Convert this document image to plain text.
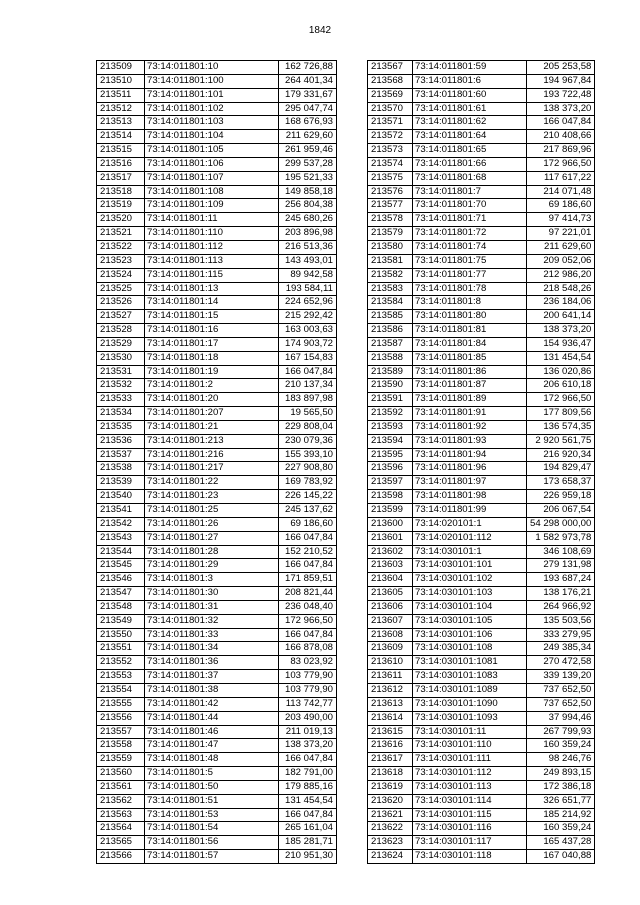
1842
213509	73:14:011801:10	162 726,88
213510	73:14:011801:100	264 401,34
213511	73:14:011801:101	179 331,67
213512	73:14:011801:102	295 047,74
213513	73:14:011801:103	168 676,93
213514	73:14:011801:104	211 629,60
213515	73:14:011801:105	261 959,46
213516	73:14:011801:106	299 537,28
213517	73:14:011801:107	195 521,33
213518	73:14:011801:108	149 858,18
213519	73:14:011801:109	256 804,38
213520	73:14:011801:11	245 680,26
213521	73:14:011801:110	203 896,98
213522	73:14:011801:112	216 513,36
213523	73:14:011801:113	143 493,01
213524	73:14:011801:115	89 942,58
213525	73:14:011801:13	193 584,11
213526	73:14:011801:14	224 652,96
213527	73:14:011801:15	215 292,42
213528	73:14:011801:16	163 003,63
213529	73:14:011801:17	174 903,72
213530	73:14:011801:18	167 154,83
213531	73:14:011801:19	166 047,84
213532	73:14:011801:2	210 137,34
213533	73:14:011801:20	183 897,98
213534	73:14:011801:207	19 565,50
213535	73:14:011801:21	229 808,04
213536	73:14:011801:213	230 079,36
213537	73:14:011801:216	155 393,10
213538	73:14:011801:217	227 908,80
213539	73:14:011801:22	169 783,92
213540	73:14:011801:23	226 145,22
213541	73:14:011801:25	245 137,62
213542	73:14:011801:26	69 186,60
213543	73:14:011801:27	166 047,84
213544	73:14:011801:28	152 210,52
213545	73:14:011801:29	166 047,84
213546	73:14:011801:3	171 859,51
213547	73:14:011801:30	208 821,44
213548	73:14:011801:31	236 048,40
213549	73:14:011801:32	172 966,50
213550	73:14:011801:33	166 047,84
213551	73:14:011801:34	166 878,08
213552	73:14:011801:36	83 023,92
213553	73:14:011801:37	103 779,90
213554	73:14:011801:38	103 779,90
213555	73:14:011801:42	113 742,77
213556	73:14:011801:44	203 490,00
213557	73:14:011801:46	211 019,13
213558	73:14:011801:47	138 373,20
213559	73:14:011801:48	166 047,84
213560	73:14:011801:5	182 791,00
213561	73:14:011801:50	179 885,16
213562	73:14:011801:51	131 454,54
213563	73:14:011801:53	166 047,84
213564	73:14:011801:54	265 161,04
213565	73:14:011801:56	185 281,71
213566	73:14:011801:57	210 951,30
213567	73:14:011801:59	205 253,58
213568	73:14:011801:6	194 967,84
213569	73:14:011801:60	193 722,48
213570	73:14:011801:61	138 373,20
213571	73:14:011801:62	166 047,84
213572	73:14:011801:64	210 408,66
213573	73:14:011801:65	217 869,96
213574	73:14:011801:66	172 966,50
213575	73:14:011801:68	117 617,22
213576	73:14:011801:7	214 071,48
213577	73:14:011801:70	69 186,60
213578	73:14:011801:71	97 414,73
213579	73:14:011801:72	97 221,01
213580	73:14:011801:74	211 629,60
213581	73:14:011801:75	209 052,06
213582	73:14:011801:77	212 986,20
213583	73:14:011801:78	218 548,26
213584	73:14:011801:8	236 184,06
213585	73:14:011801:80	200 641,14
213586	73:14:011801:81	138 373,20
213587	73:14:011801:84	154 936,47
213588	73:14:011801:85	131 454,54
213589	73:14:011801:86	136 020,86
213590	73:14:011801:87	206 610,18
213591	73:14:011801:89	172 966,50
213592	73:14:011801:91	177 809,56
213593	73:14:011801:92	136 574,35
213594	73:14:011801:93	2 920 561,75
213595	73:14:011801:94	216 920,34
213596	73:14:011801:96	194 829,47
213597	73:14:011801:97	173 658,37
213598	73:14:011801:98	226 959,18
213599	73:14:011801:99	206 067,54
213600	73:14:020101:1	54 298 000,00
213601	73:14:020101:112	1 582 973,78
213602	73:14:030101:1	346 108,69
213603	73:14:030101:101	279 131,98
213604	73:14:030101:102	193 687,24
213605	73:14:030101:103	138 176,21
213606	73:14:030101:104	264 966,92
213607	73:14:030101:105	135 503,56
213608	73:14:030101:106	333 279,95
213609	73:14:030101:108	249 385,34
213610	73:14:030101:1081	270 472,58
213611	73:14:030101:1083	339 139,20
213612	73:14:030101:1089	737 652,50
213613	73:14:030101:1090	737 652,50
213614	73:14:030101:1093	37 994,46
213615	73:14:030101:11	267 799,93
213616	73:14:030101:110	160 359,24
213617	73:14:030101:111	98 246,76
213618	73:14:030101:112	249 893,15
213619	73:14:030101:113	172 386,18
213620	73:14:030101:114	326 651,77
213621	73:14:030101:115	185 214,92
213622	73:14:030101:116	160 359,24
213623	73:14:030101:117	165 437,28
213624	73:14:030101:118	167 040,88
